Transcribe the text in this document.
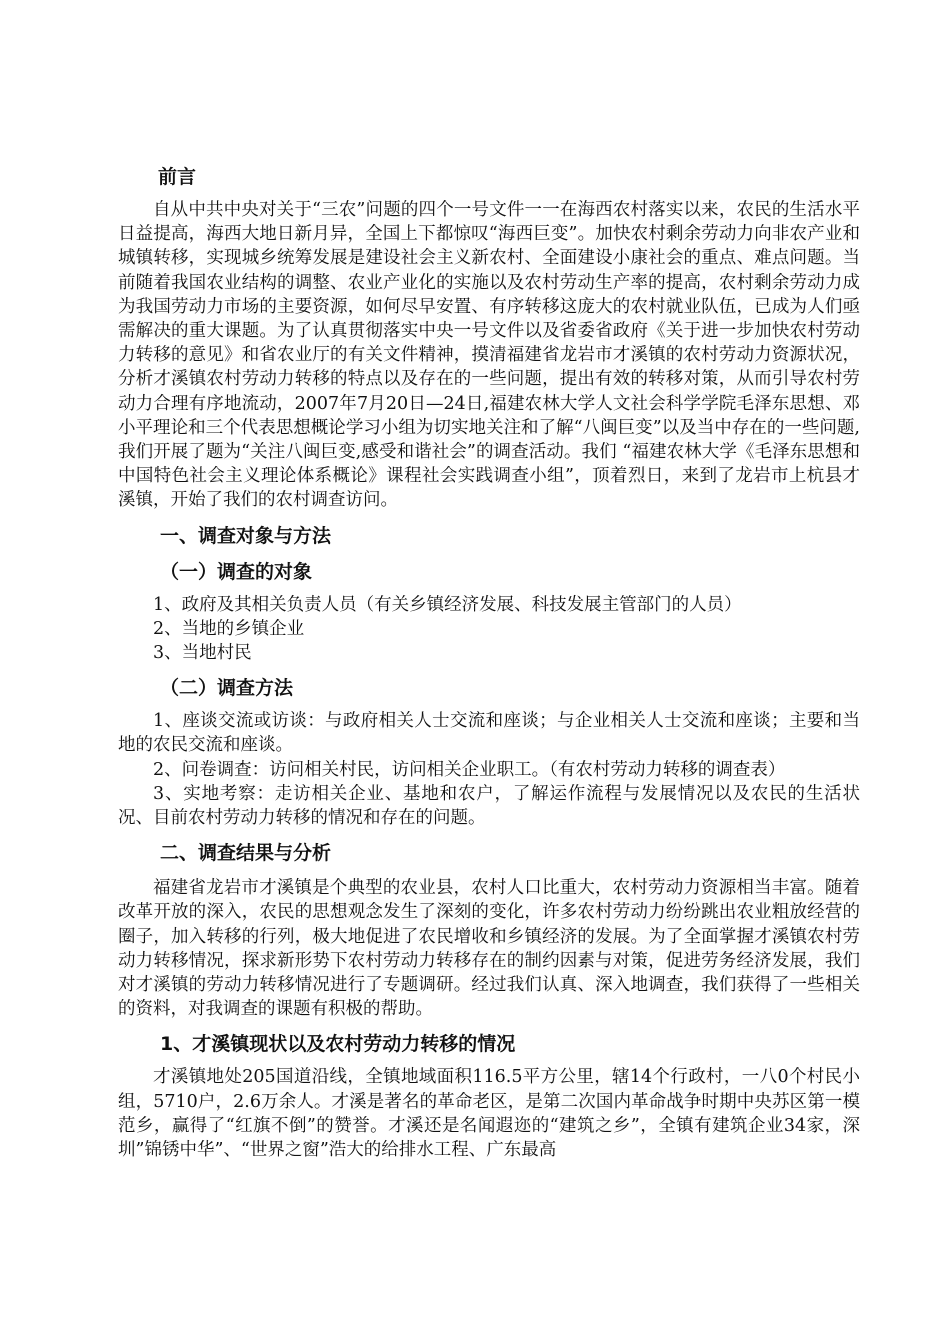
前言

自从中共中央对关于“三农”问题的四个一号文件一一在海西农村落实以来，农民的生活水平日益提高，海西大地日新月异，全国上下都惊叹“海西巨变”。加快农村剩余劳动力向非农产业和城镇转移，实现城乡统筹发展是建设社会主义新农村、全面建设小康社会的重点、难点问题。当前随着我国农业结构的调整、农业产业化的实施以及农村劳动生产率的提高，农村剩余劳动力成为我国劳动力市场的主要资源，如何尽早安置、有序转移这庞大的农村就业队伍，已成为人们亟需解决的重大课题。为了认真贯彻落实中央一号文件以及省委省政府《关于进一步加快农村劳动力转移的意见》和省农业厅的有关文件精神，摸清福建省龙岩市才溪镇的农村劳动力资源状况，分析才溪镇农村劳动力转移的特点以及存在的一些问题，提出有效的转移对策，从而引导农村劳动力合理有序地流动，2007年7月20日—24日,福建农林大学人文社会科学学院毛泽东思想、邓小平理论和三个代表思想概论学习小组为切实地关注和了解“八闽巨变”以及当中存在的一些问题,我们开展了题为“关注八闽巨变,感受和谐社会”的调查活动。我们 “福建农林大学《毛泽东思想和中国特色社会主义理论体系概论》课程社会实践调查小组”，顶着烈日，来到了龙岩市上杭县才溪镇，开始了我们的农村调查访问。

一、调查对象与方法

（一）调查的对象

1、政府及其相关负责人员（有关乡镇经济发展、科技发展主管部门的人员）

2、当地的乡镇企业

3、当地村民

（二）调查方法

1、座谈交流或访谈：与政府相关人士交流和座谈；与企业相关人士交流和座谈；主要和当地的农民交流和座谈。

2、问卷调查：访问相关村民，访问相关企业职工。（有农村劳动力转移的调查表）

3、实地考察：走访相关企业、基地和农户，了解运作流程与发展情况以及农民的生活状况、目前农村劳动力转移的情况和存在的问题。

二、调查结果与分析

福建省龙岩市才溪镇是个典型的农业县，农村人口比重大，农村劳动力资源相当丰富。随着改革开放的深入，农民的思想观念发生了深刻的变化，许多农村劳动力纷纷跳出农业粗放经营的圈子，加入转移的行列，极大地促进了农民增收和乡镇经济的发展。为了全面掌握才溪镇农村劳动力转移情况，探求新形势下农村劳动力转移存在的制约因素与对策，促进劳务经济发展，我们对才溪镇的劳动力转移情况进行了专题调研。经过我们认真、深入地调查，我们获得了一些相关的资料，对我调查的课题有积极的帮助。

1、才溪镇现状以及农村劳动力转移的情况

才溪镇地处205国道沿线，全镇地域面积116.5平方公里，辖14个行政村，一八0个村民小组，5710户，2.6万余人。才溪是著名的革命老区，是第二次国内革命战争时期中央苏区第一模范乡，赢得了“红旗不倒”的赞誉。才溪还是名闻遐迩的“建筑之乡”，全镇有建筑企业34家，深圳”锦锈中华”、“世界之窗”浩大的给排水工程、广东最高
